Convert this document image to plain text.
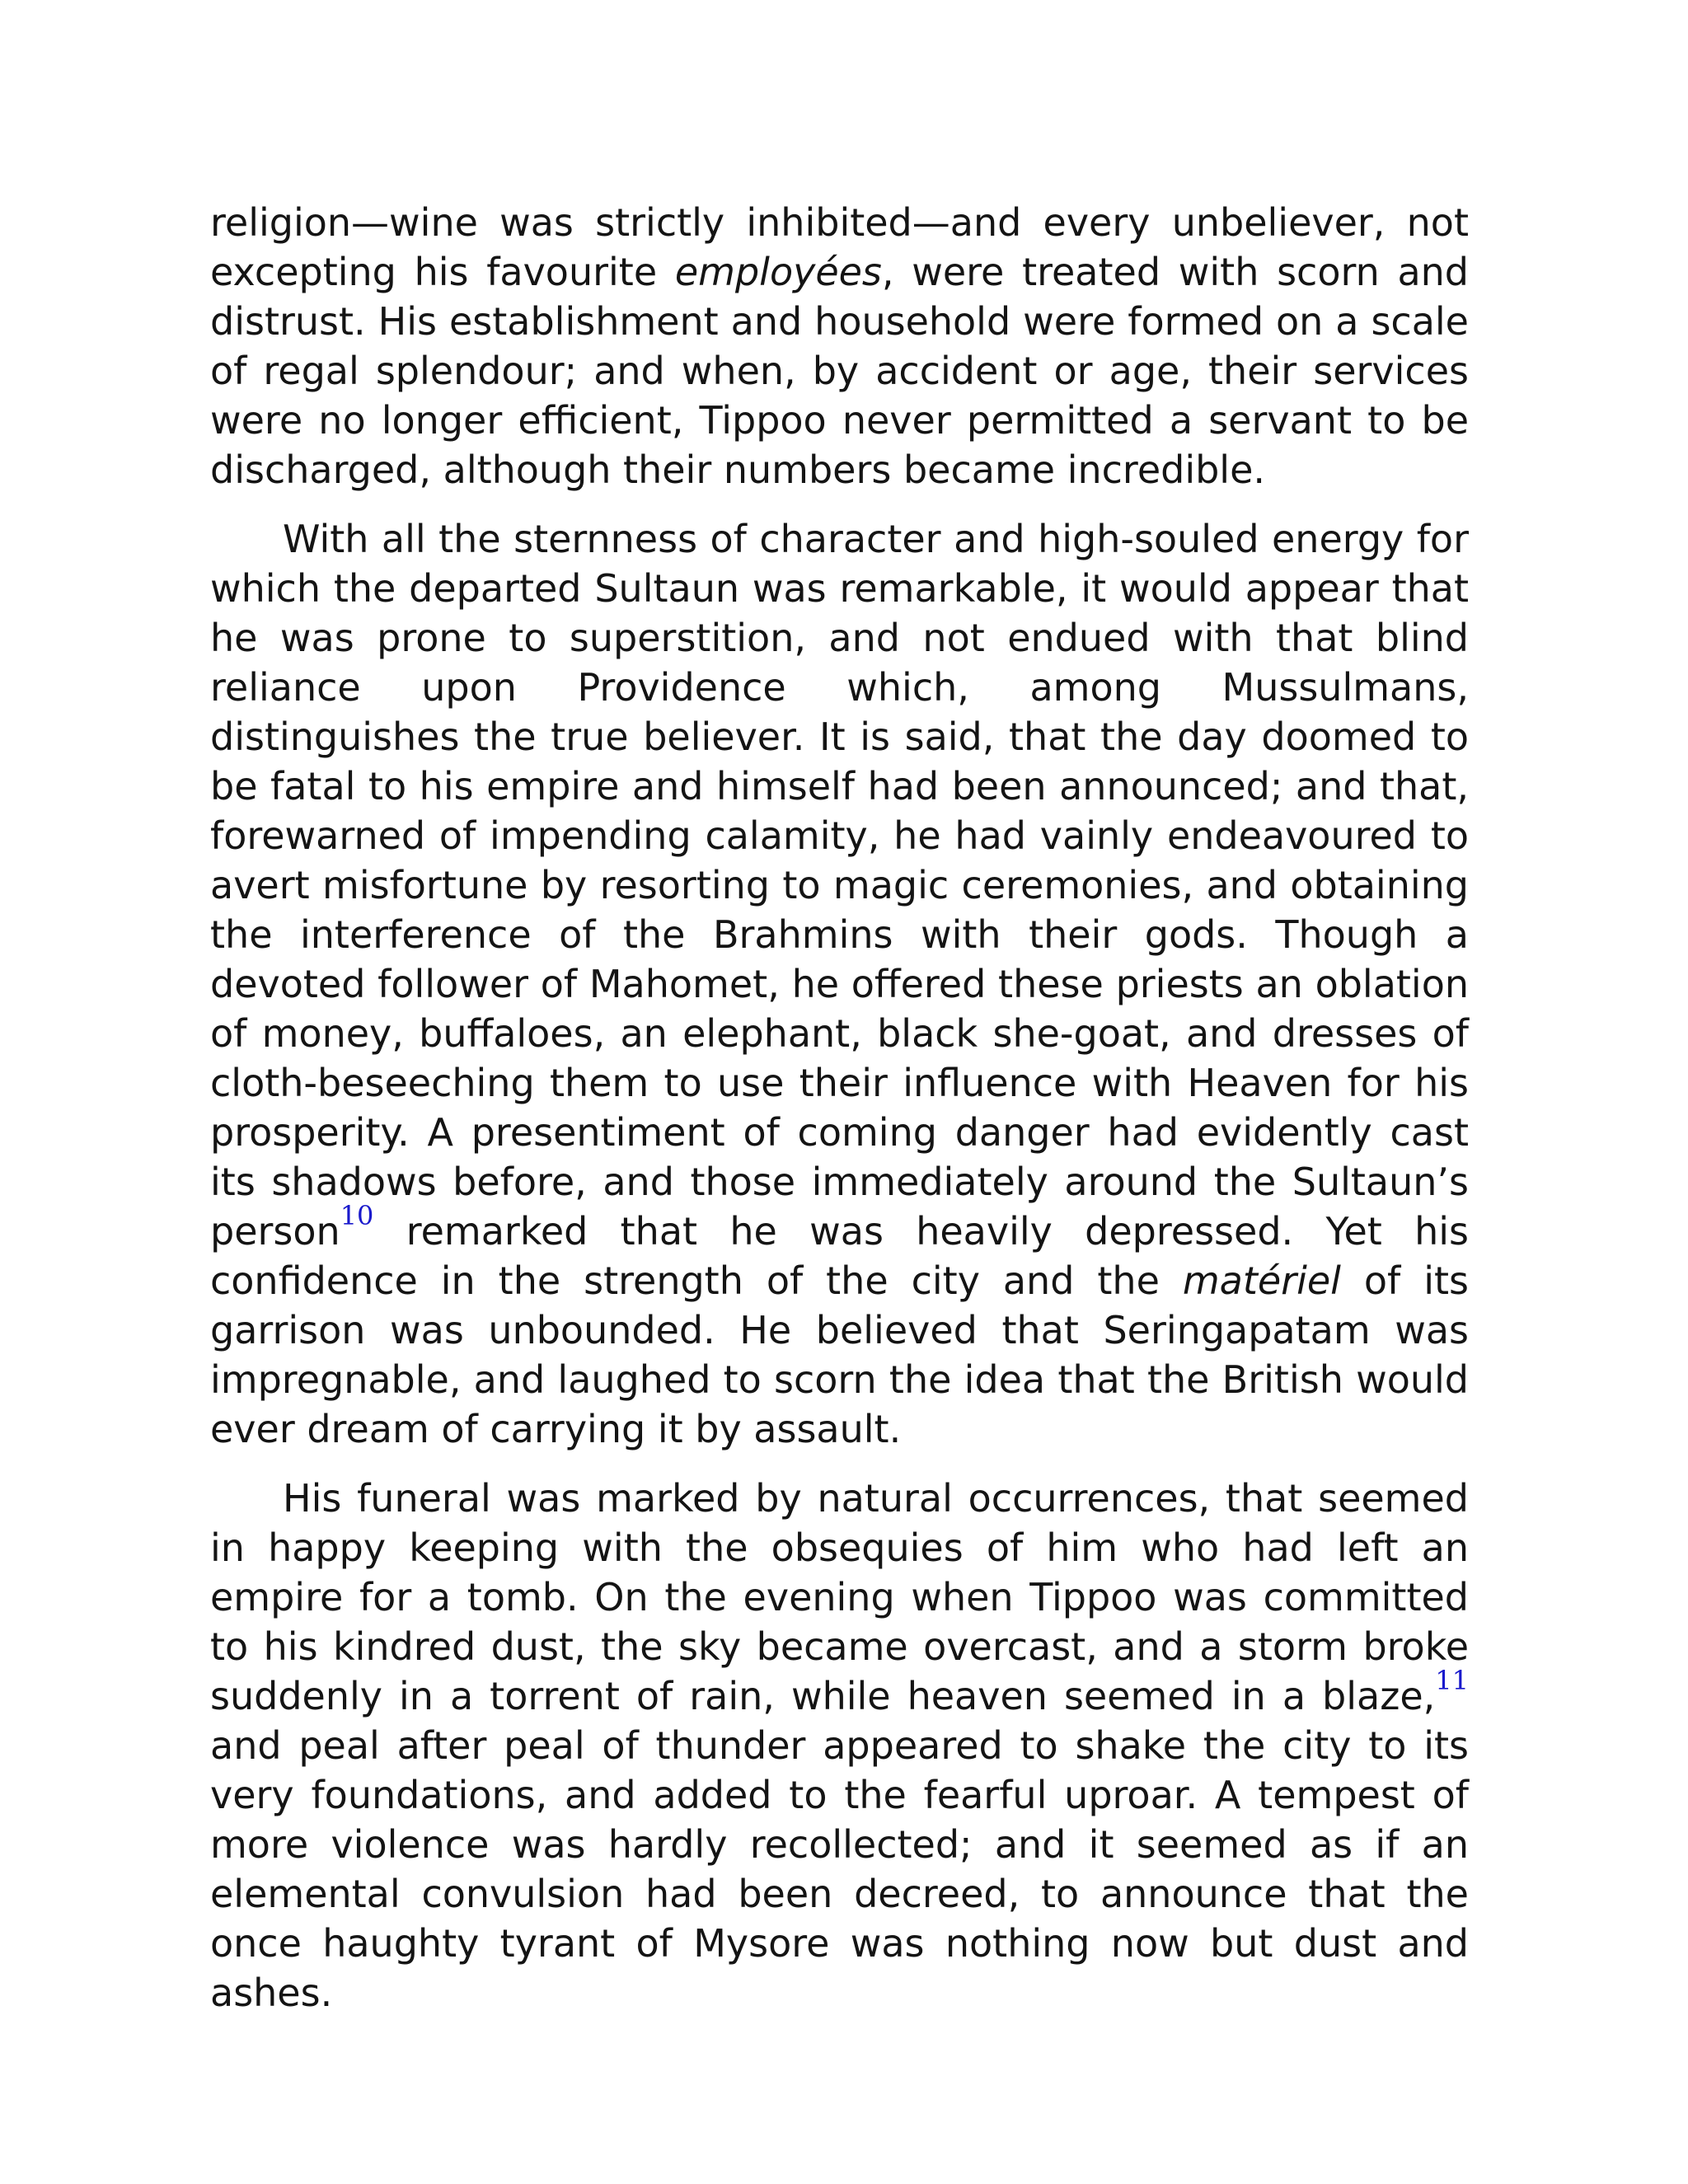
religion—wine was strictly inhibited—and every unbeliever, not excepting his favourite employées, were treated with scorn and distrust. His establishment and household were formed on a scale of regal splendour; and when, by accident or age, their services were no longer efficient, Tippoo never permitted a servant to be discharged, although their numbers became incredible.

With all the sternness of character and high-souled energy for which the departed Sultaun was remarkable, it would appear that he was prone to superstition, and not endued with that blind reliance upon Providence which, among Mussulmans, distinguishes the true believer. It is said, that the day doomed to be fatal to his empire and himself had been announced; and that, forewarned of impending calamity, he had vainly endeavoured to avert misfortune by resorting to magic ceremonies, and obtaining the interference of the Brahmins with their gods. Though a devoted follower of Mahomet, he offered these priests an oblation of money, buffaloes, an elephant, black she-goat, and dresses of cloth-beseeching them to use their influence with Heaven for his prosperity. A presentiment of coming danger had evidently cast its shadows before, and those immediately around the Sultaun’s person$^{10}$ remarked that he was heavily depressed. Yet his confidence in the strength of the city and the matériel of its garrison was unbounded. He believed that Seringapatam was impregnable, and laughed to scorn the idea that the British would ever dream of carrying it by assault.

His funeral was marked by natural occurrences, that seemed in happy keeping with the obsequies of him who had left an empire for a tomb. On the evening when Tippoo was committed to his kindred dust, the sky became overcast, and a storm broke suddenly in a torrent of rain, while heaven seemed in a blaze,$^{11}$ and peal after peal of thunder appeared to shake the city to its very foundations, and added to the fearful uproar. A tempest of more violence was hardly recollected; and it seemed as if an elemental convulsion had been decreed, to announce that the once haughty tyrant of Mysore was nothing now but dust and ashes.
